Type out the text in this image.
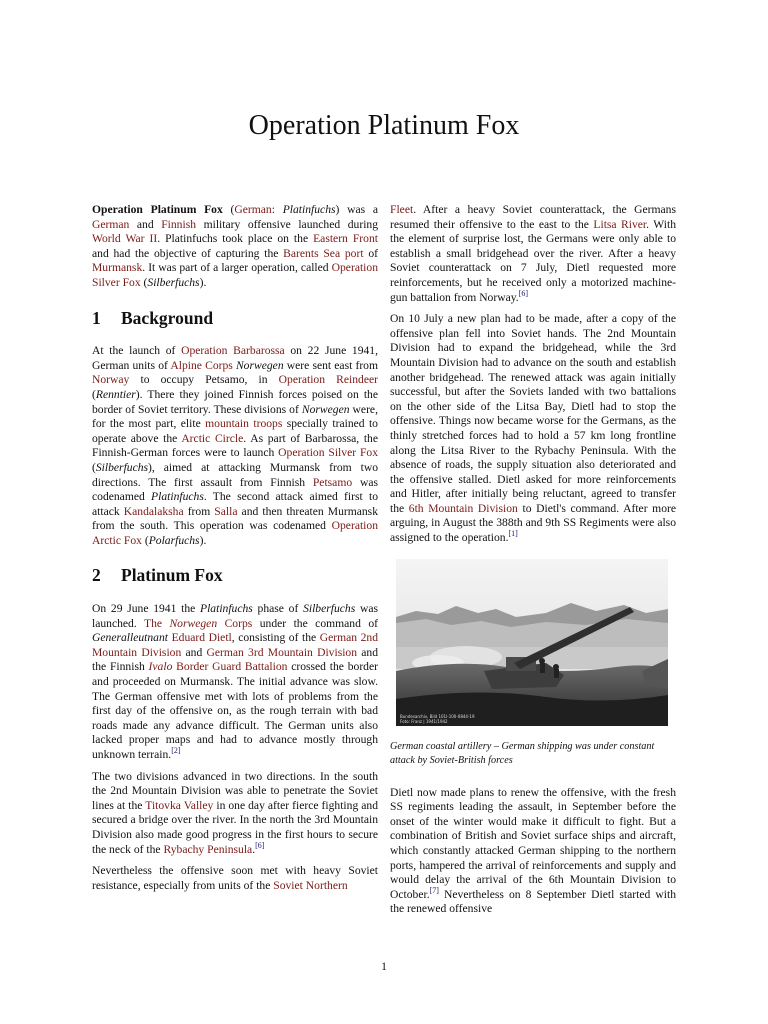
Operation Platinum Fox

Operation Platinum Fox (German: Platinfuchs) was a German and Finnish military offensive launched during World War II. Platinfuchs took place on the Eastern Front and had the objective of capturing the Barents Sea port of Murmansk. It was part of a larger operation, called Operation Silver Fox (Silberfuchs).

1 Background

At the launch of Operation Barbarossa on 22 June 1941, German units of Alpine Corps Norwegen were sent east from Norway to occupy Petsamo, in Operation Reindeer (Renntier). There they joined Finnish forces poised on the border of Soviet territory. These divisions of Norwegen were, for the most part, elite mountain troops specially trained to operate above the Arctic Circle. As part of Barbarossa, the Finnish-German forces were to launch Operation Silver Fox (Silberfuchs), aimed at attacking Murmansk from two directions. The first assault from Finnish Petsamo was codenamed Platinfuchs. The second attack aimed first to attack Kandalaksha from Salla and then threaten Murmansk from the south. This operation was codenamed Operation Arctic Fox (Polarfuchs).

2 Platinum Fox

On 29 June 1941 the Platinfuchs phase of Silberfuchs was launched. The Norwegen Corps under the command of Generalleutnant Eduard Dietl, consisting of the German 2nd Mountain Division and German 3rd Mountain Division and the Finnish Ivalo Border Guard Battalion crossed the border and proceeded on Murmansk. The initial advance was slow. The German offensive met with lots of problems from the first day of the offensive on, as the rough terrain with bad roads made any advance difficult. The German units also lacked proper maps and had to advance mostly through unknown terrain.[2]

The two divisions advanced in two directions. In the south the 2nd Mountain Division was able to penetrate the Soviet lines at the Titovka Valley in one day after fierce fighting and secured a bridge over the river. In the north the 3rd Mountain Division also made good progress in the first hours to secure the neck of the Rybachy Peninsula.[6]

Nevertheless the offensive soon met with heavy Soviet resistance, especially from units of the Soviet Northern

Fleet. After a heavy Soviet counterattack, the Germans resumed their offensive to the east to the Litsa River. With the element of surprise lost, the Germans were only able to establish a small bridgehead over the river. After a heavy Soviet counterattack on 7 July, Dietl requested more reinforcements, but he received only a motorized machine-gun battalion from Norway.[6]

On 10 July a new plan had to be made, after a copy of the offensive plan fell into Soviet hands. The 2nd Mountain Division had to expand the bridgehead, while the 3rd Mountain Division had to advance on the south and establish another bridgehead. The renewed attack was again initially successful, but after the Soviets landed with two battalions on the other side of the Litsa Bay, Dietl had to stop the offensive. Things now became worse for the Germans, as the thinly stretched forces had to hold a 57 km long frontline along the Litsa River to the Rybachy Peninsula. With the absence of roads, the supply situation also deteriorated and the offensive stalled. Dietl asked for more reinforcements and Hitler, after initially being reluctant, agreed to transfer the 6th Mountain Division to Dietl's command. After more arguing, in August the 388th and 9th SS Regiments were also assigned to the operation.[1]

Bundesarchiv, Bild 101I-100-0844-19
Foto: Franz | 1941/1942
German coastal artillery – German shipping was under constant attack by Soviet-British forces

Dietl now made plans to renew the offensive, with the fresh SS regiments leading the assault, in September before the onset of the winter would make it difficult to fight. But a combination of British and Soviet surface ships and aircraft, which constantly attacked German shipping to the northern ports, hampered the arrival of reinforcements and supply and would delay the arrival of the 6th Mountain Division to October.[7] Nevertheless on 8 September Dietl started with the renewed offensive

1
